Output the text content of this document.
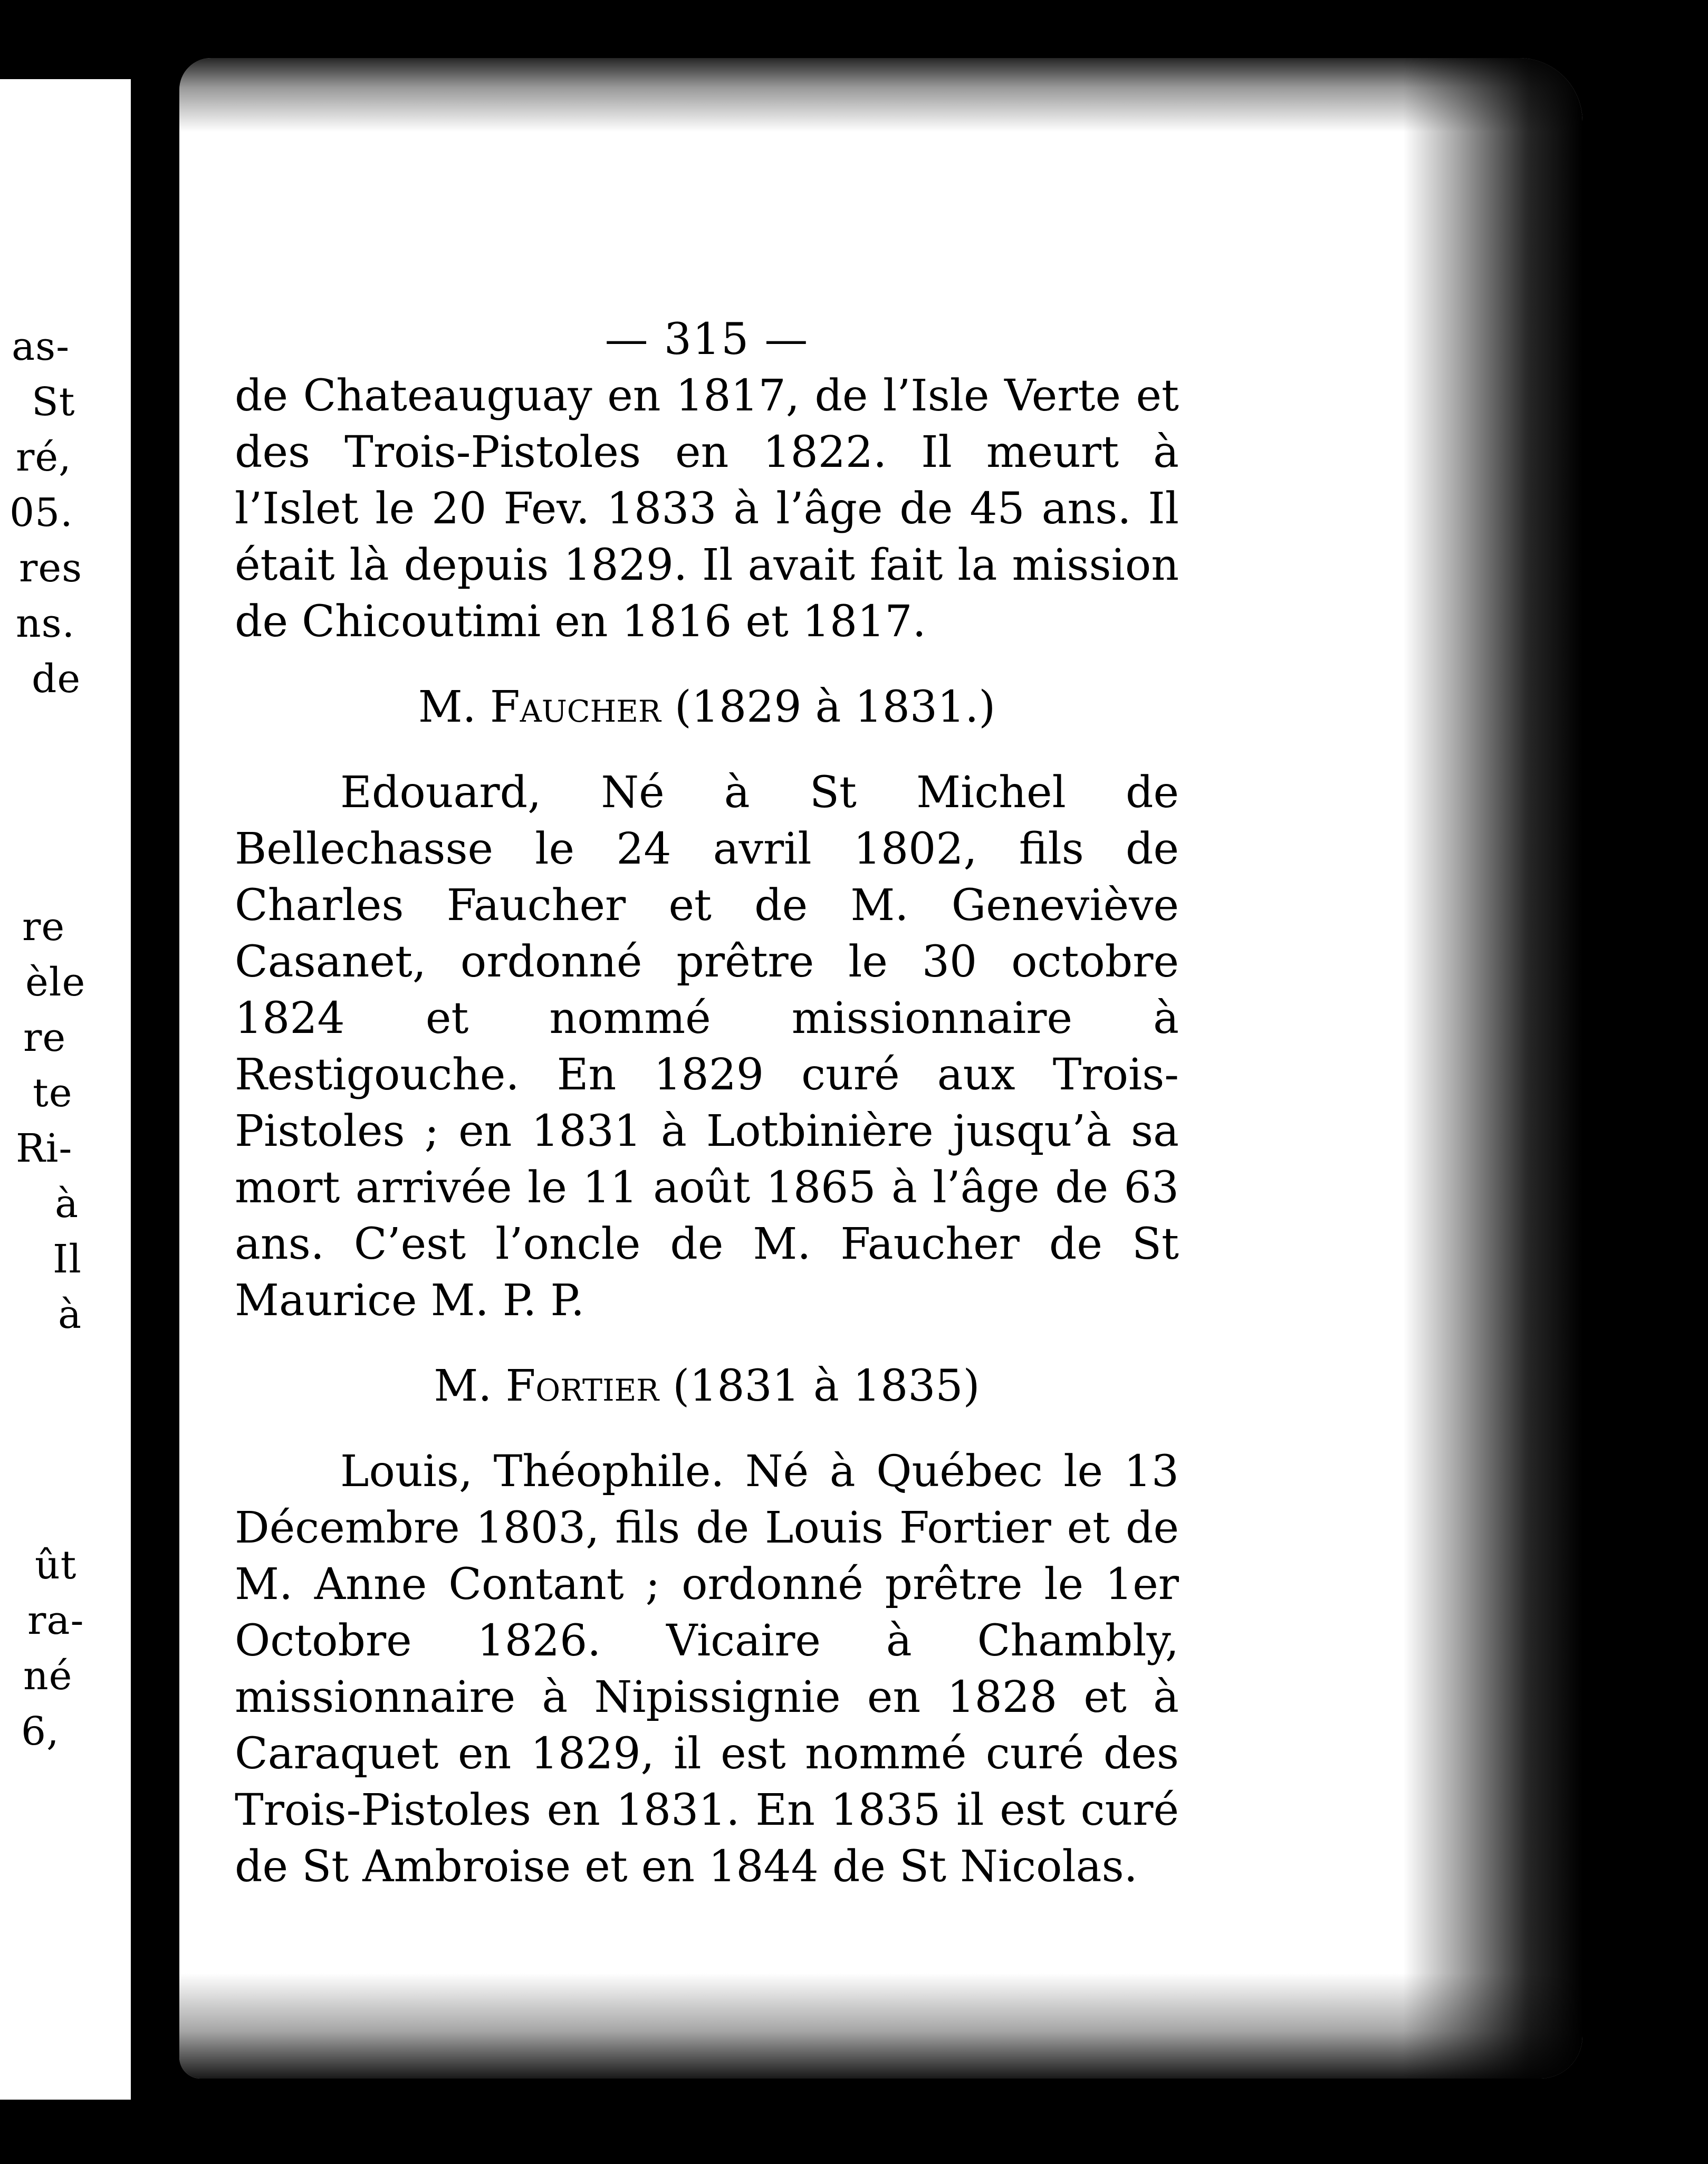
as-
St
ré,
05.
res
ns.
de
re
èle
re
te
Ri-
à
Il
à
ût
ra-
né
6,
— 315 —

de Chateauguay en 1817, de l’Isle Verte et des Trois-Pistoles en 1822. Il meurt à l’Islet le 20 Fev. 1833 à l’âge de 45 ans. Il était là depuis 1829. Il avait fait la mission de Chicoutimi en 1816 et 1817.

M. Faucher (1829 à 1831.)

Edouard, Né à St Michel de Bellechasse le 24 avril 1802, fils de Charles Faucher et de M. Geneviève Casanet, ordonné prêtre le 30 octobre 1824 et nommé missionnaire à Restigouche. En 1829 curé aux Trois-Pistoles ; en 1831 à Lotbinière jusqu’à sa mort arrivée le 11 août 1865 à l’âge de 63 ans. C’est l’oncle de M. Faucher de St Maurice M. P. P.

M. Fortier (1831 à 1835)

Louis, Théophile. Né à Québec le 13 Décembre 1803, fils de Louis Fortier et de M. Anne Contant ; ordonné prêtre le 1er Octobre 1826. Vicaire à Chambly, missionnaire à Nipissignie en 1828 et à Caraquet en 1829, il est nommé curé des Trois-Pistoles en 1831. En 1835 il est curé de St Ambroise et en 1844 de St Nicolas.
